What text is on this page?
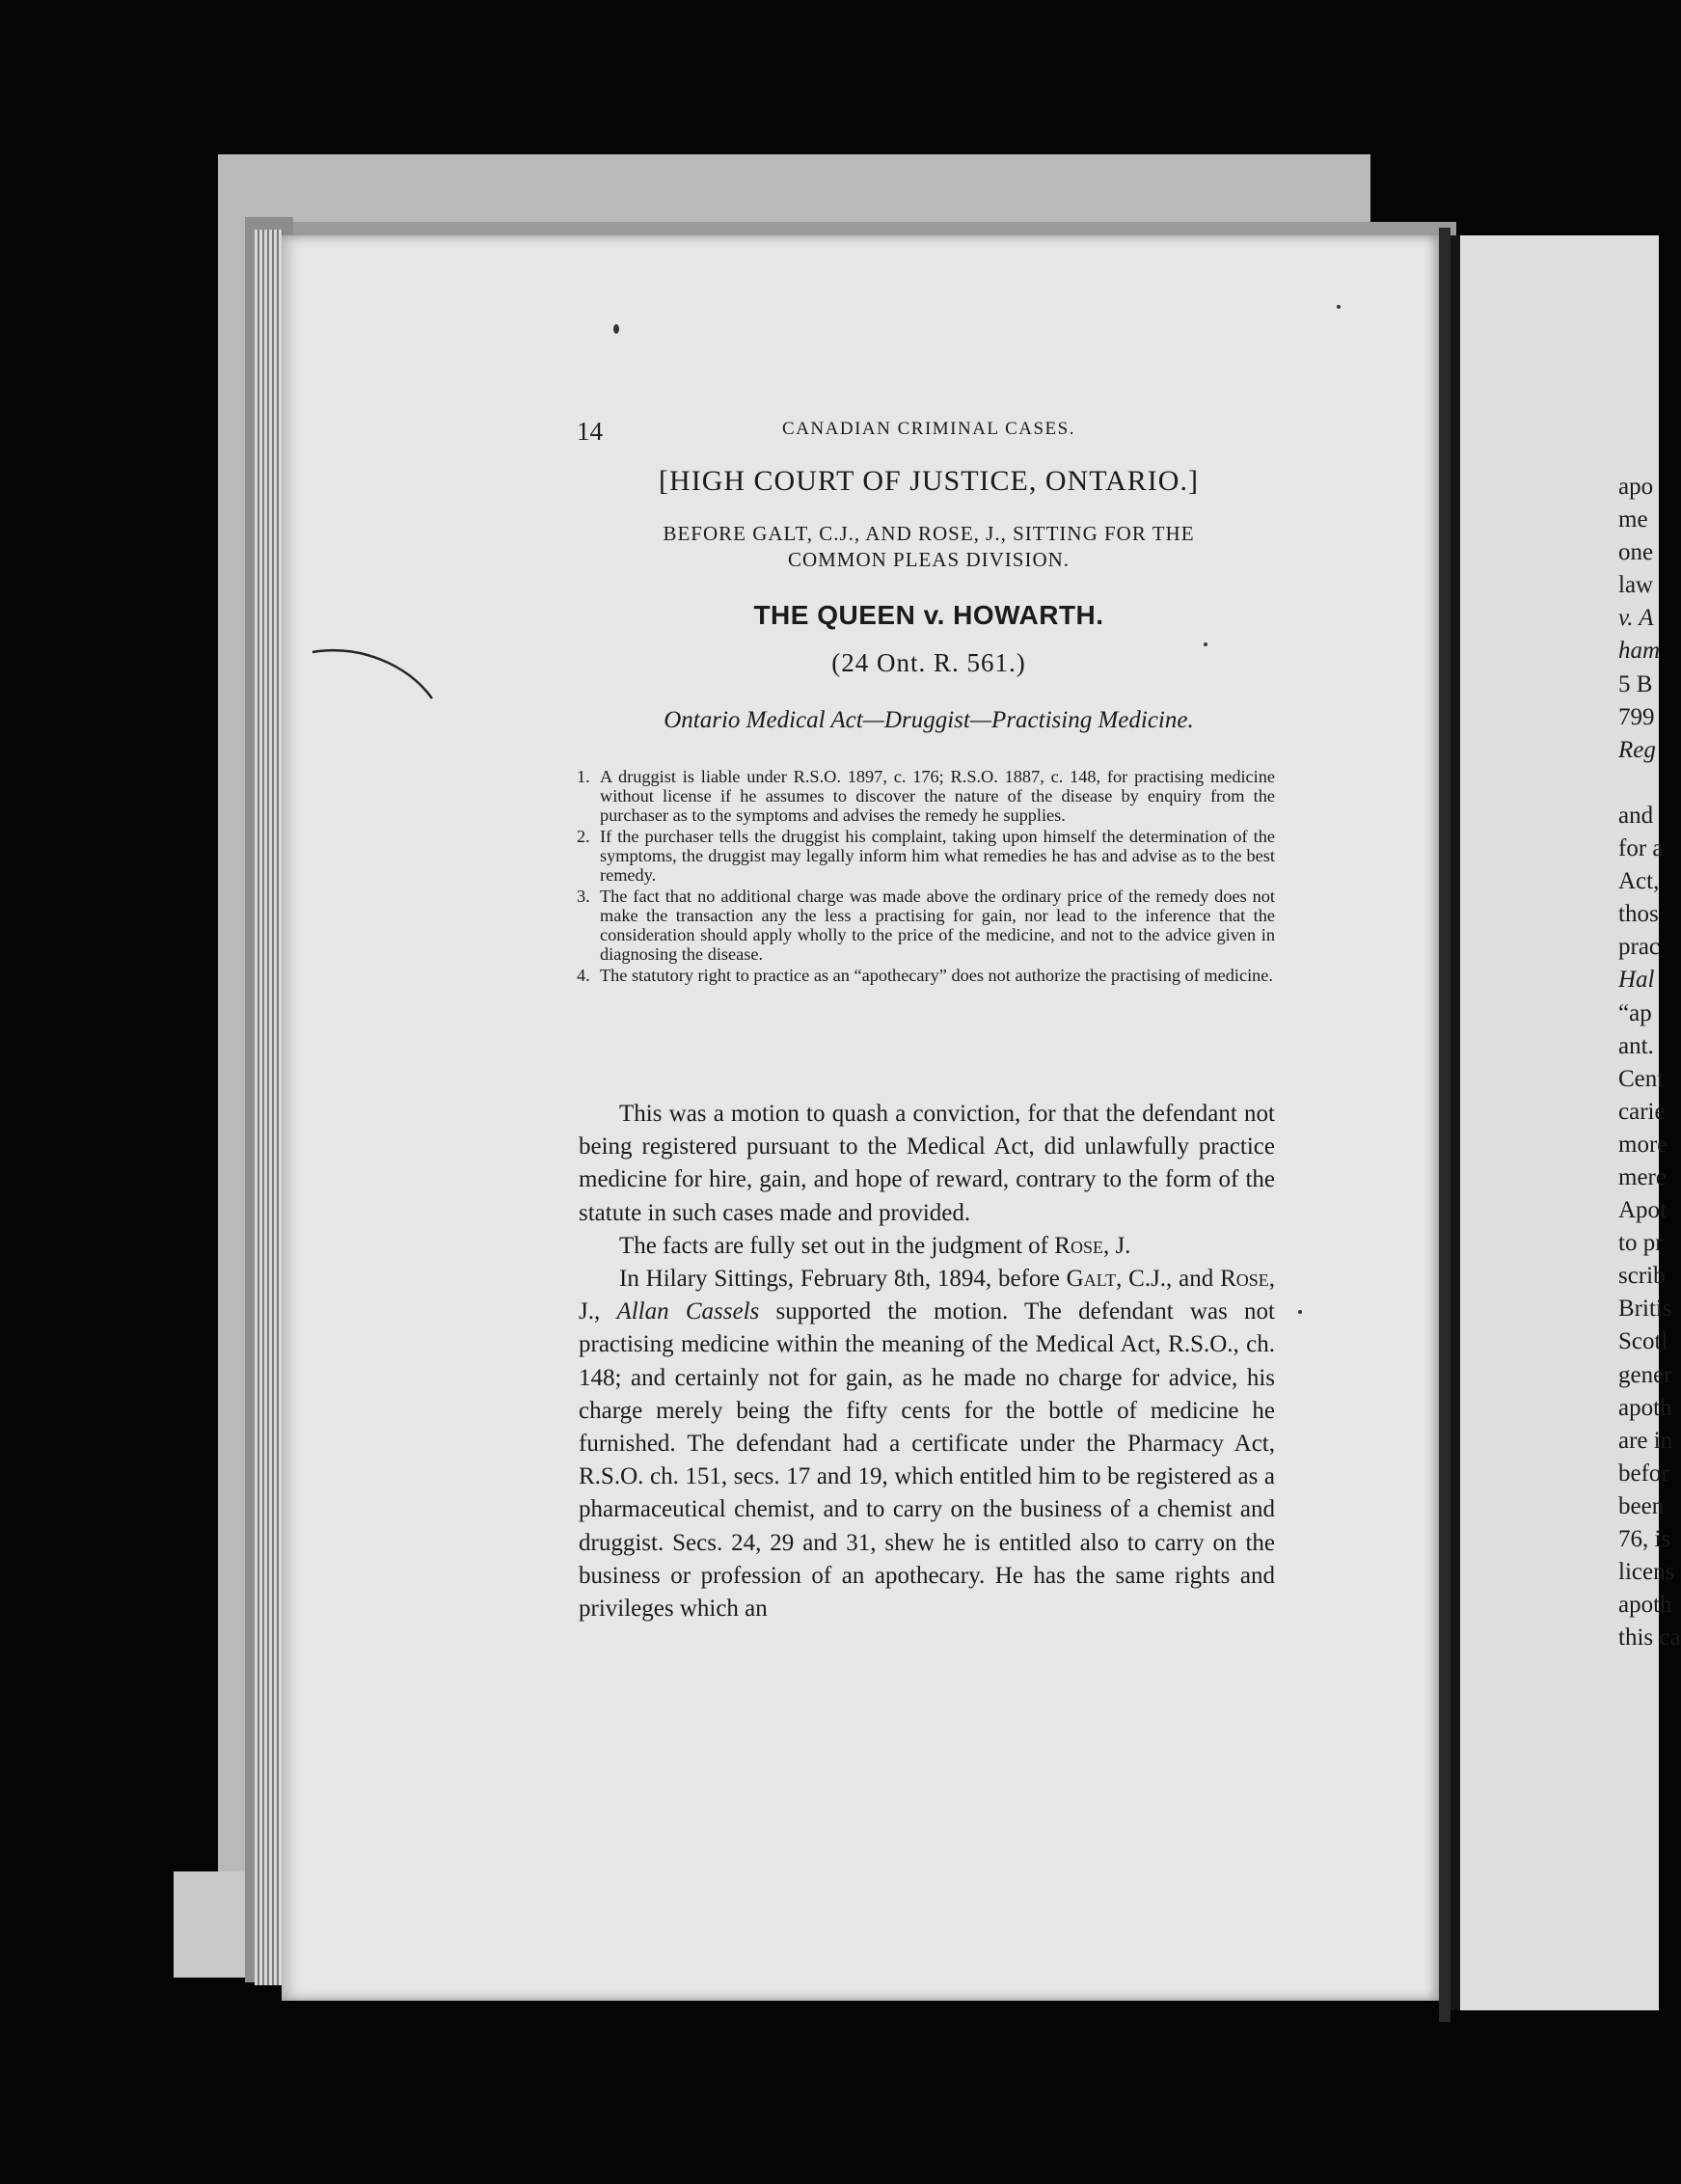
apo
me
one
law
v. A
ham
5 B
799
Reg
and
for a
Act,
thos
prac
Hal
“ap
ant.
Cent
carie
more
mere
Apot
to pr
scrib
Britis
Scotl
gener
apoth
are in
befor
been
76, is
licens
apoth
this ca
14	CANADIAN CRIMINAL CASES.
[HIGH COURT OF JUSTICE, ONTARIO.]
BEFORE GALT, C.J., AND ROSE, J., SITTING FOR THE
COMMON PLEAS DIVISION.
THE QUEEN v. HOWARTH.
(24 Ont. R. 561.)
Ontario Medical Act—Druggist—Practising Medicine.
1. A druggist is liable under R.S.O. 1897, c. 176; R.S.O. 1887, c. 148, for practising medicine without license if he assumes to discover the nature of the disease by enquiry from the purchaser as to the symptoms and advises the remedy he supplies.
2. If the purchaser tells the druggist his complaint, taking upon himself the determination of the symptoms, the druggist may legally inform him what remedies he has and advise as to the best remedy.
3. The fact that no additional charge was made above the ordinary price of the remedy does not make the transaction any the less a practising for gain, nor lead to the inference that the consideration should apply wholly to the price of the medicine, and not to the advice given in diagnosing the disease.
4. The statutory right to practice as an “apothecary” does not authorize the practising of medicine.

This was a motion to quash a conviction, for that the defendant not being registered pursuant to the Medical Act, did unlawfully practice medicine for hire, gain, and hope of reward, contrary to the form of the statute in such cases made and provided.

The facts are fully set out in the judgment of Rose, J.

In Hilary Sittings, February 8th, 1894, before Galt, C.J., and Rose, J., Allan Cassels supported the motion. The defendant was not practising medicine within the meaning of the Medical Act, R.S.O., ch. 148; and certainly not for gain, as he made no charge for advice, his charge merely being the fifty cents for the bottle of medicine he furnished. The defendant had a certificate under the Pharmacy Act, R.S.O. ch. 151, secs. 17 and 19, which entitled him to be registered as a pharmaceutical chemist, and to carry on the business of a chemist and druggist. Secs. 24, 29 and 31, shew he is entitled also to carry on the business or profession of an apothecary. He has the same rights and privileges which an
